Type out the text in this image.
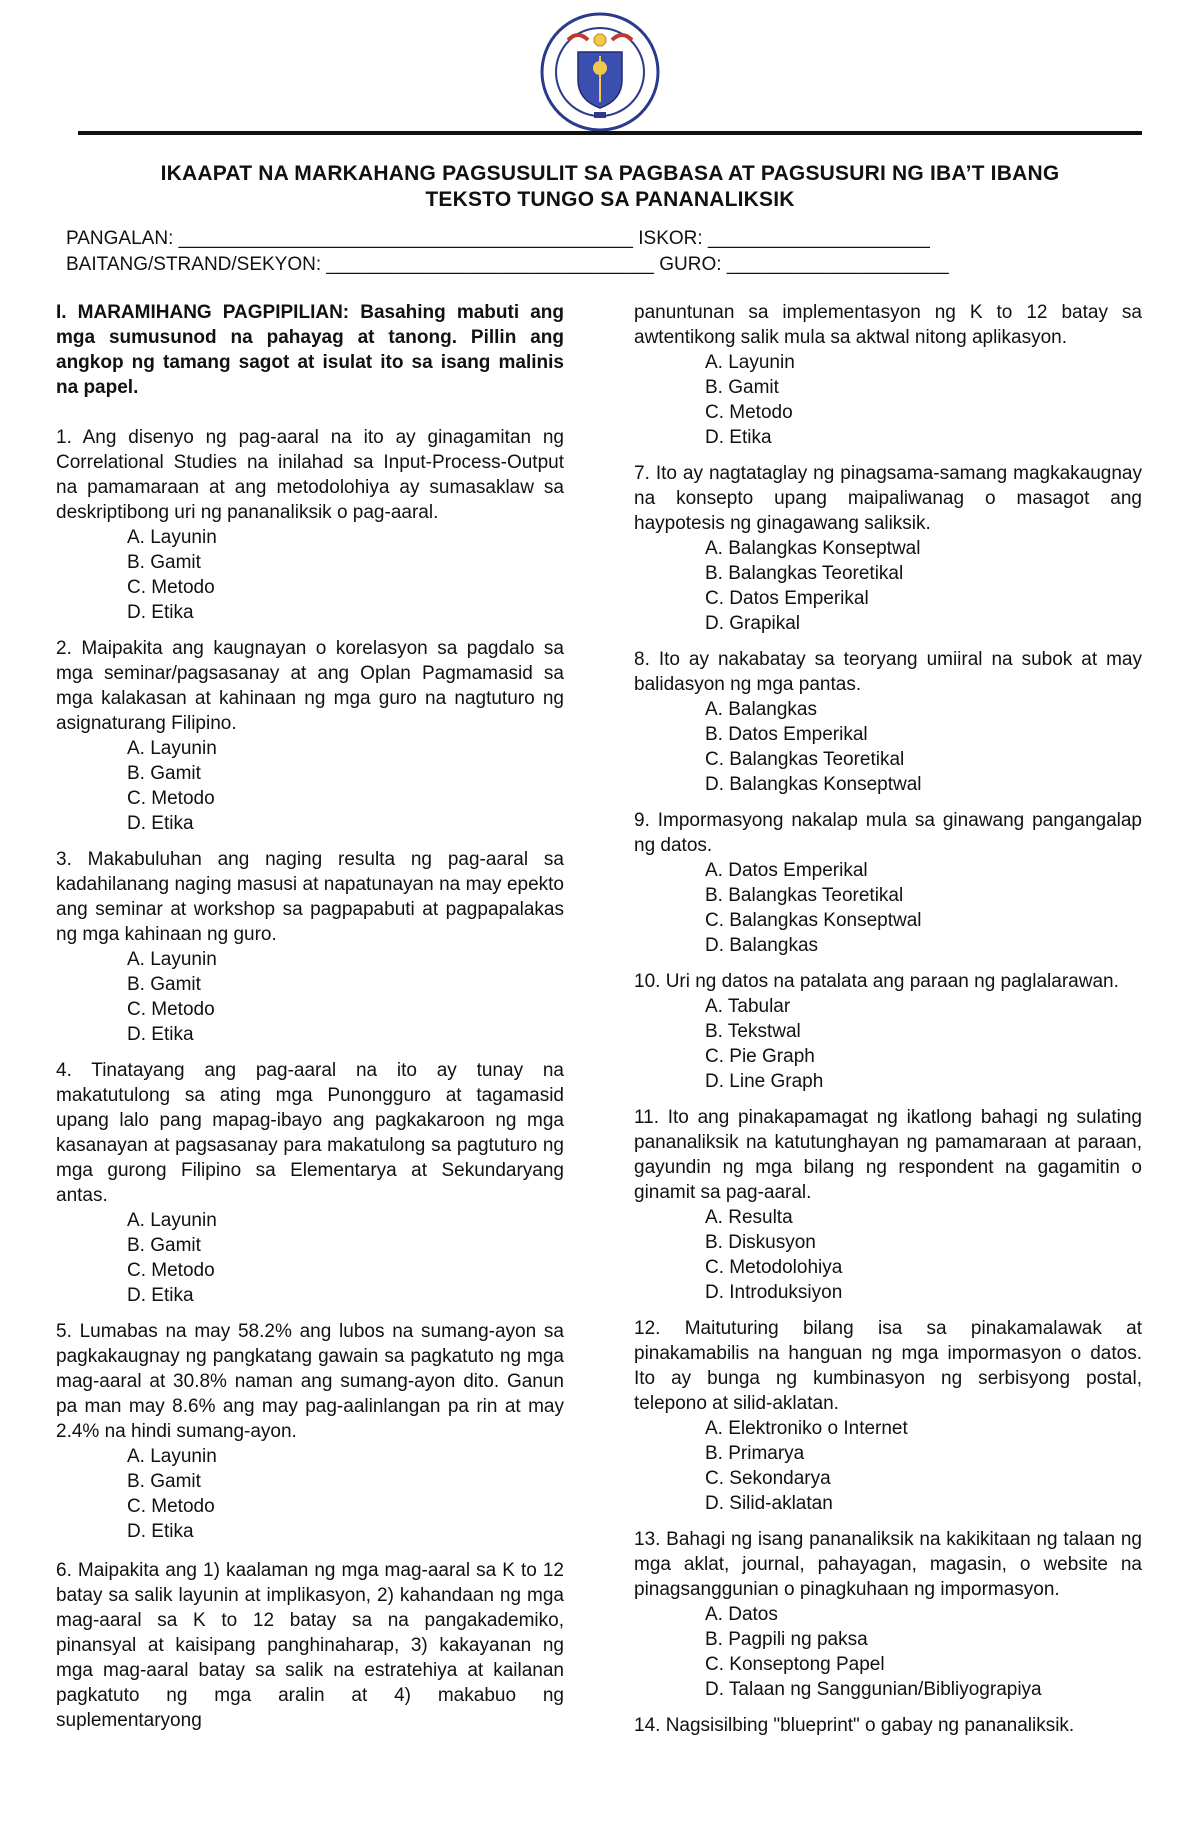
IKAAPAT NA MARKAHANG PAGSUSULIT SA PAGBASA AT PAGSUSURI NG IBA’T IBANG
TEKSTO TUNGO SA PANANALIKSIK
PANGALAN: ___________________________________________ ISKOR: _____________________
BAITANG/STRAND/SEKYON: _______________________________ GURO: _____________________
I. MARAMIHANG PAGPIPILIAN: Basahing mabuti ang mga sumusunod na pahayag at tanong. Pillin ang angkop ng tamang sagot at isulat ito sa isang malinis na papel.
1. Ang disenyo ng pag-aaral na ito ay ginagamitan ng Correlational Studies na inilahad sa Input-Process-Output na pamamaraan at ang metodolohiya ay sumasaklaw sa deskriptibong uri ng pananaliksik o pag-aaral.
A. Layunin
B. Gamit
C. Metodo
D. Etika
2. Maipakita ang kaugnayan o korelasyon sa pagdalo sa mga seminar/pagsasanay at ang Oplan Pagmamasid sa mga kalakasan at kahinaan ng mga guro na nagtuturo ng asignaturang Filipino.
A. Layunin
B. Gamit
C. Metodo
D. Etika
3. Makabuluhan ang naging resulta ng pag-aaral sa kadahilanang naging masusi at napatunayan na may epekto ang seminar at workshop sa pagpapabuti at pagpapalakas ng mga kahinaan ng guro.
A. Layunin
B. Gamit
C. Metodo
D. Etika
4. Tinatayang ang pag-aaral na ito ay tunay na makatutulong sa ating mga Punongguro at tagamasid upang lalo pang mapag-ibayo ang pagkakaroon ng mga kasanayan at pagsasanay para makatulong sa pagtuturo ng mga gurong Filipino sa Elementarya at Sekundaryang antas.
A. Layunin
B. Gamit
C. Metodo
D. Etika
5. Lumabas na may 58.2% ang lubos na sumang-ayon sa pagkakaugnay ng pangkatang gawain sa pagkatuto ng mga mag-aaral at 30.8% naman ang sumang-ayon dito. Ganun pa man may 8.6% ang may pag-aalinlangan pa rin at may 2.4% na hindi sumang-ayon.
A. Layunin
B. Gamit
C. Metodo
D. Etika
6. Maipakita ang 1) kaalaman ng mga mag-aaral sa K to 12 batay sa salik layunin at implikasyon, 2) kahandaan ng mga mag-aaral sa K to 12 batay sa na pangakademiko, pinansyal at kaisipang panghinaharap, 3) kakayanan ng mga mag-aaral batay sa salik na estratehiya at kailanan pagkatuto ng mga aralin at 4) makabuo ng suplementaryong
panuntunan sa implementasyon ng K to 12 batay sa awtentikong salik mula sa aktwal nitong aplikasyon.
A. Layunin
B. Gamit
C. Metodo
D. Etika
7. Ito ay nagtataglay ng pinagsama-samang magkakaugnay na konsepto upang maipaliwanag o masagot ang haypotesis ng ginagawang saliksik.
A. Balangkas Konseptwal
B. Balangkas Teoretikal
C. Datos Emperikal
D. Grapikal
8. Ito ay nakabatay sa teoryang umiiral na subok at may balidasyon ng mga pantas.
A. Balangkas
B. Datos Emperikal
C. Balangkas Teoretikal
D. Balangkas Konseptwal
9. Impormasyong nakalap mula sa ginawang pangangalap ng datos.
A. Datos Emperikal
B. Balangkas Teoretikal
C. Balangkas Konseptwal
D. Balangkas
10. Uri ng datos na patalata ang paraan ng paglalarawan.
A. Tabular
B. Tekstwal
C. Pie Graph
D. Line Graph
11. Ito ang pinakapamagat ng ikatlong bahagi ng sulating pananaliksik na katutunghayan ng pamamaraan at paraan, gayundin ng mga bilang ng respondent na gagamitin o ginamit sa pag-aaral.
A. Resulta
B. Diskusyon
C. Metodolohiya
D. Introduksiyon
12. Maituturing bilang isa sa pinakamalawak at pinakamabilis na hanguan ng mga impormasyon o datos. Ito ay bunga ng kumbinasyon ng serbisyong postal, telepono at silid-aklatan.
A. Elektroniko o Internet
B. Primarya
C. Sekondarya
D. Silid-aklatan
13. Bahagi ng isang pananaliksik na kakikitaan ng talaan ng mga aklat, journal, pahayagan, magasin, o website na pinagsanggunian o pinagkuhaan ng impormasyon.
A. Datos
B. Pagpili ng paksa
C. Konseptong Papel
D. Talaan ng Sanggunian/Bibliyograpiya
14. Nagsisilbing "blueprint" o gabay ng pananaliksik.
